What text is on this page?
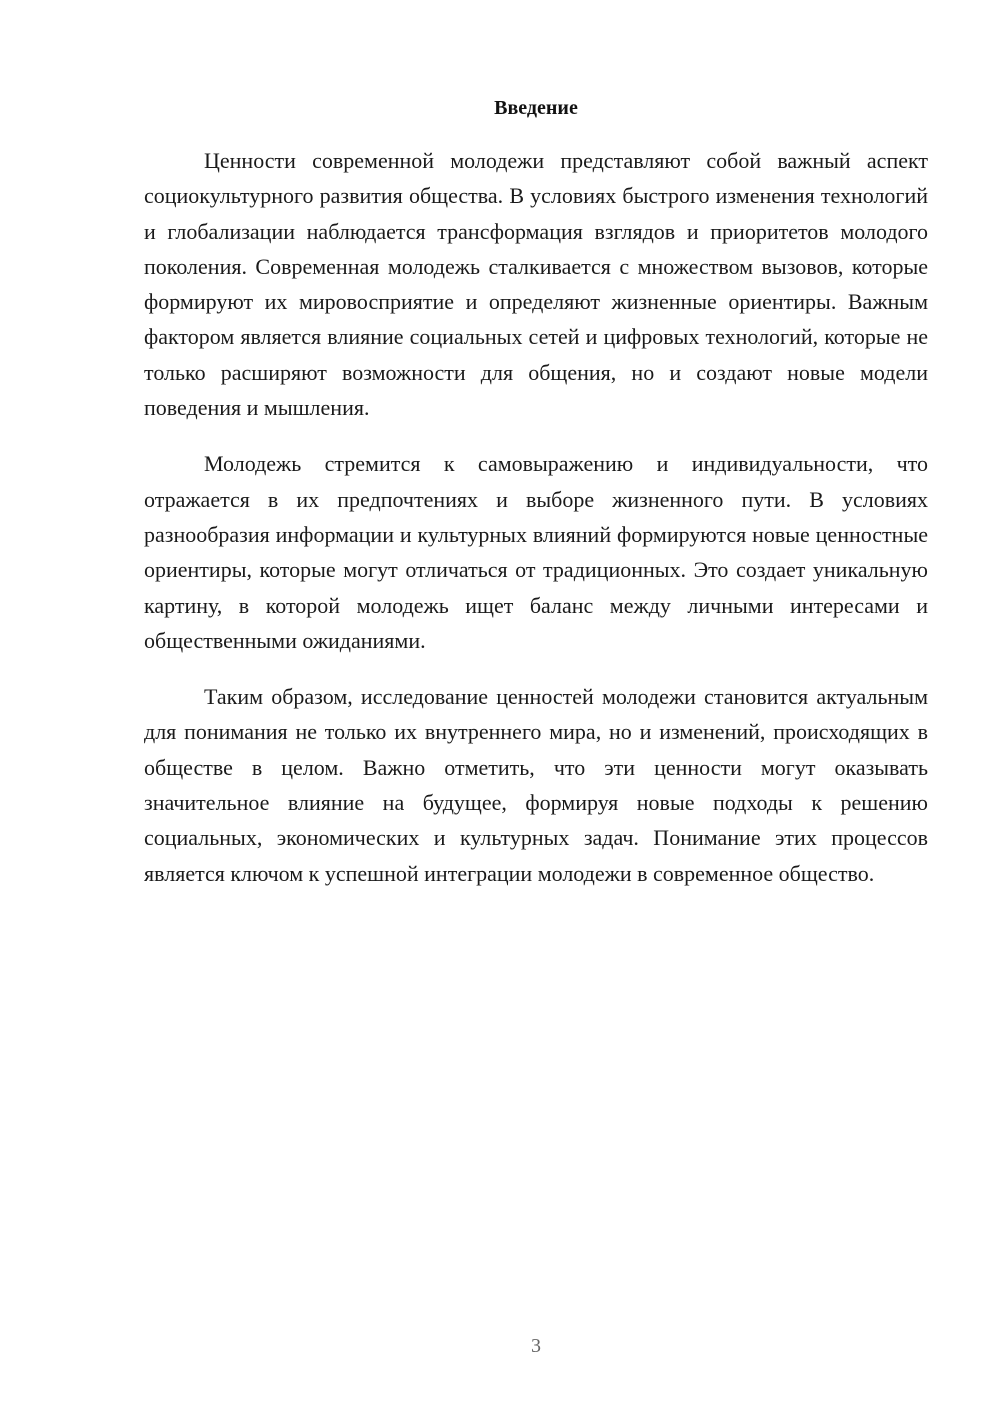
Введение

Ценности современной молодежи представляют собой важный аспект социокультурного развития общества. В условиях быстрого изменения технологий и глобализации наблюдается трансформация взглядов и приоритетов молодого поколения. Современная молодежь сталкивается с множеством вызовов, которые формируют их мировосприятие и определяют жизненные ориентиры. Важным фактором является влияние социальных сетей и цифровых технологий, которые не только расширяют возможности для общения, но и создают новые модели поведения и мышления.

Молодежь стремится к самовыражению и индивидуальности, что отражается в их предпочтениях и выборе жизненного пути. В условиях разнообразия информации и культурных влияний формируются новые ценностные ориентиры, которые могут отличаться от традиционных. Это создает уникальную картину, в которой молодежь ищет баланс между личными интересами и общественными ожиданиями.

Таким образом, исследование ценностей молодежи становится актуальным для понимания не только их внутреннего мира, но и изменений, происходящих в обществе в целом. Важно отметить, что эти ценности могут оказывать значительное влияние на будущее, формируя новые подходы к решению социальных, экономических и культурных задач. Понимание этих процессов является ключом к успешной интеграции молодежи в современное общество.

3
